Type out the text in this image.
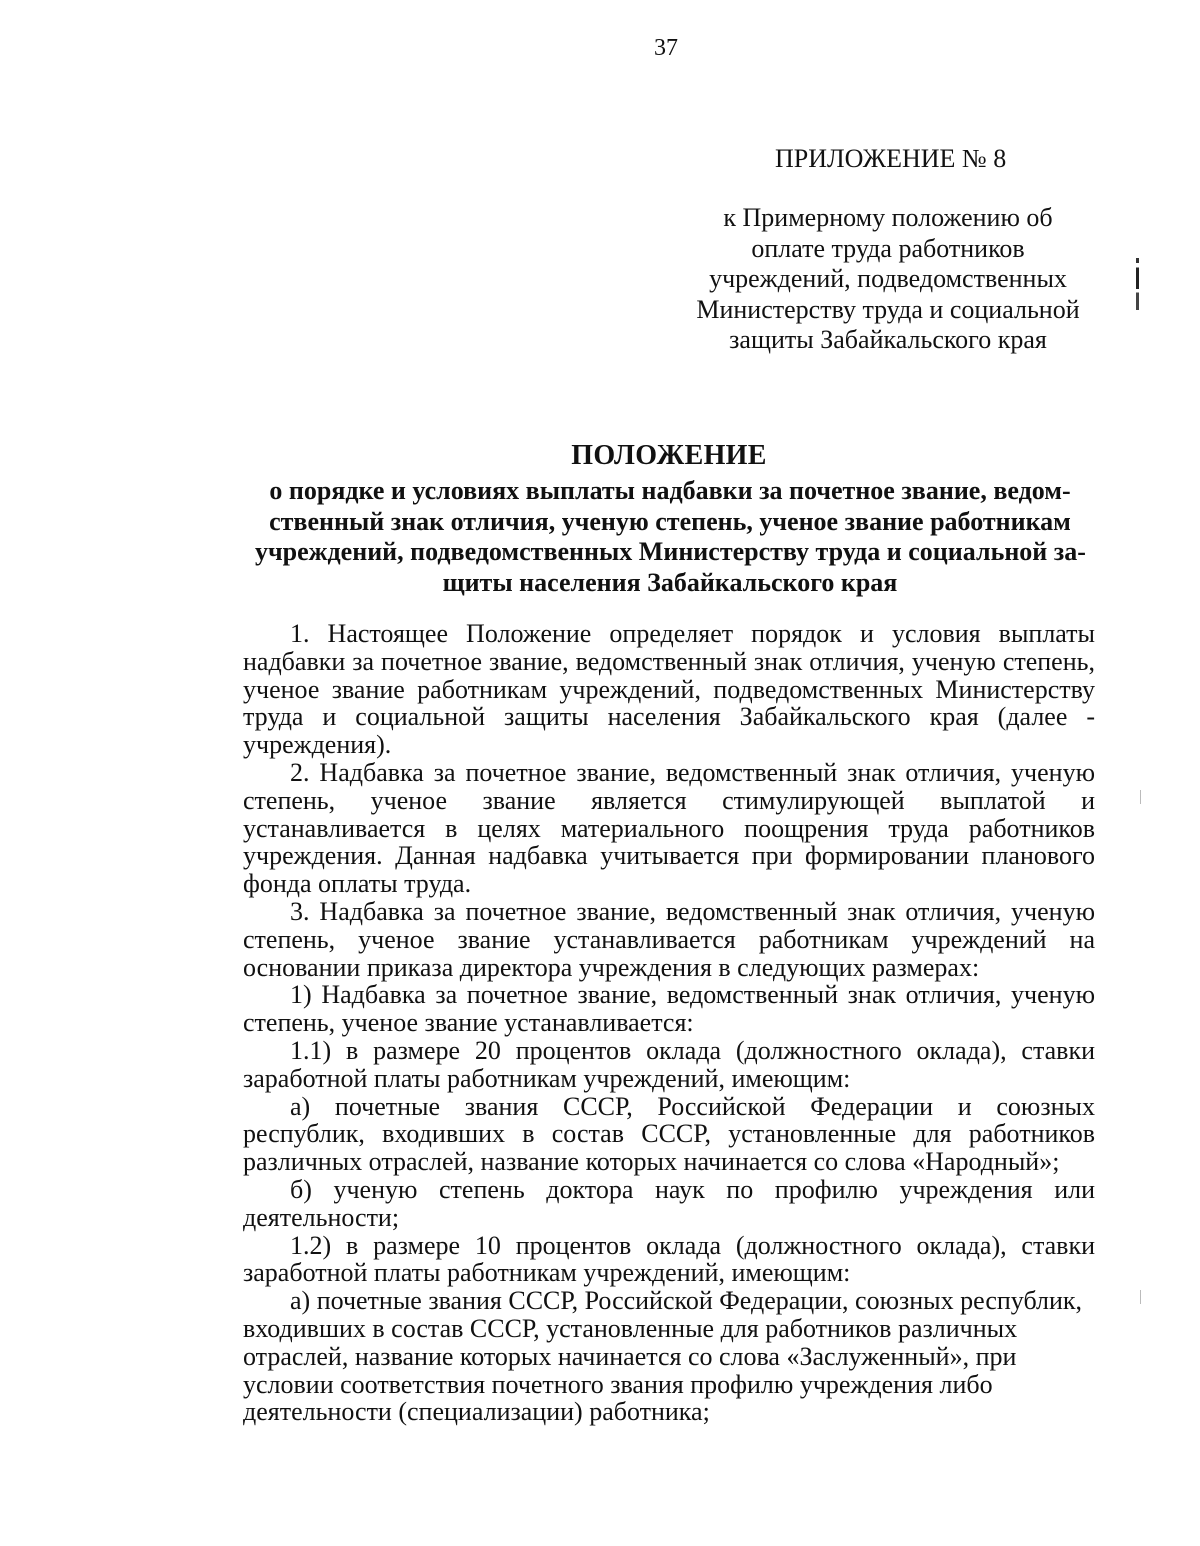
37
ПРИЛОЖЕНИЕ № 8
к Примерному положению об
оплате труда работников
учреждений, подведомственных
Министерству труда и социальной
защиты Забайкальского края
ПОЛОЖЕНИЕ
о порядке и условиях выплаты надбавки за почетное звание, ведом-
ственный знак отличия, ученую степень, ученое звание работникам
учреждений, подведомственных Министерству труда и социальной за-
щиты населения Забайкальского края

1. Настоящее Положение определяет порядок и условия выплаты надбавки за почетное звание, ведомственный знак отличия, ученую степень, ученое звание работникам учреждений, подведомственных Министерству труда и социальной защиты населения Забайкальского края (далее - учреждения).

2. Надбавка за почетное звание, ведомственный знак отличия, ученую степень, ученое звание является стимулирующей выплатой и устанавливается в целях материального поощрения труда работников учреждения. Данная надбавка учитывается при формировании планового фонда оплаты труда.

3. Надбавка за почетное звание, ведомственный знак отличия, ученую степень, ученое звание устанавливается работникам учреждений на основании приказа директора учреждения в следующих размерах:

1) Надбавка за почетное звание, ведомственный знак отличия, ученую степень, ученое звание устанавливается:

1.1) в размере 20 процентов оклада (должностного оклада), ставки заработной платы работникам учреждений, имеющим:

а) почетные звания СССР, Российской Федерации и союзных республик, входивших в состав СССР, установленные для работников различных отраслей, название которых начинается со слова «Народный»;

б) ученую степень доктора наук по профилю учреждения или деятельности;

1.2) в размере 10 процентов оклада (должностного оклада), ставки заработной платы работникам учреждений, имеющим:

а) почетные звания СССР, Российской Федерации, союзных республик, входивших в состав СССР, установленные для работников различных отраслей, название которых начинается со слова «Заслуженный», при условии соответствия почетного звания профилю учреждения либо деятельности (специализации) работника;
